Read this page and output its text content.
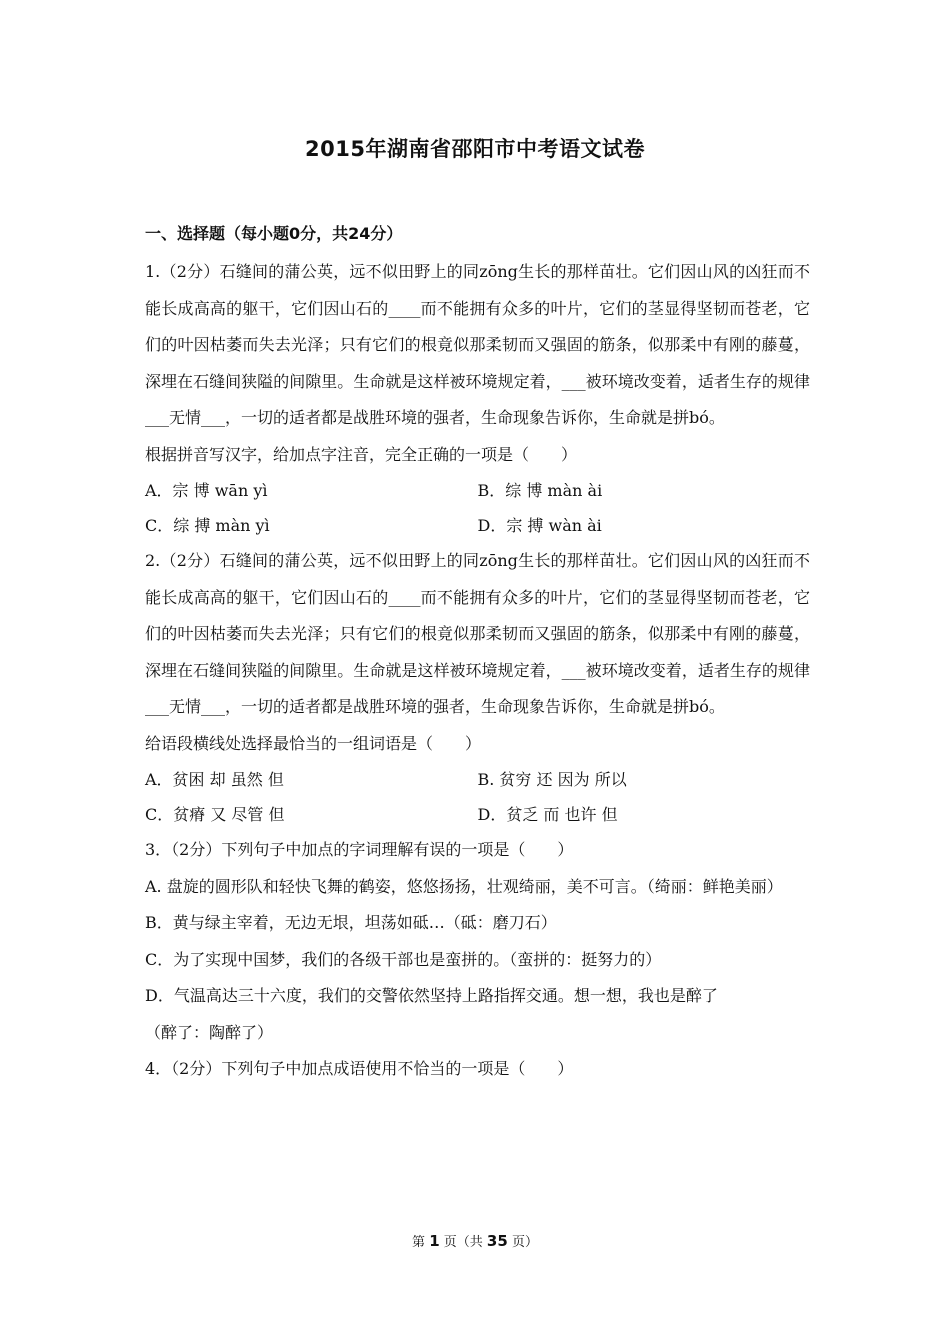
2015年湖南省邵阳市中考语文试卷
一、选择题（每小题0分，共24分）
1.（2分）石缝间的蒲公英，远不似田野上的同zōng生长的那样苗壮。它们因山风的凶狂而不能长成高高的躯干，它们因山石的____而不能拥有众多的叶片，它们的茎显得坚韧而苍老，它们的叶因枯萎而失去光泽；只有它们的根竟似那柔韧而又强固的筋条，似那柔中有刚的藤蔓，深埋在石缝间狭隘的间隙里。生命就是这样被环境规定着，___被环境改变着，适者生存的规律___无情___，一切的适者都是战胜环境的强者，生命现象告诉你，生命就是拼bó。
根据拼音写汉字，给加点字注音，完全正确的一项是（　　）
A．宗 博 wān yì	B．综 博 màn ài
C．综 搏 màn yì	D．宗 搏 wàn ài
2.（2分）石缝间的蒲公英，远不似田野上的同zōng生长的那样苗壮。它们因山风的凶狂而不能长成高高的躯干，它们因山石的____而不能拥有众多的叶片，它们的茎显得坚韧而苍老，它们的叶因枯萎而失去光泽；只有它们的根竟似那柔韧而又强固的筋条，似那柔中有刚的藤蔓，深埋在石缝间狭隘的间隙里。生命就是这样被环境规定着，___被环境改变着，适者生存的规律___无情___，一切的适者都是战胜环境的强者，生命现象告诉你，生命就是拼bó。
给语段横线处选择最恰当的一组词语是（　　）
A．贫困 却 虽然 但	B. 贫穷 还 因为 所以
C．贫瘠 又 尽管 但	D．贫乏 而 也许 但
3．（2分）下列句子中加点的字词理解有误的一项是（　　）
A. 盘旋的圆形队和轻快飞舞的鹤姿，悠悠扬扬，壮观绮丽，美不可言。（绮丽：鲜艳美丽）
B．黄与绿主宰着，无边无垠，坦荡如砥…（砥：磨刀石）
C．为了实现中国梦，我们的各级干部也是蛮拼的。（蛮拼的：挺努力的）
D．气温高达三十六度，我们的交警依然坚持上路指挥交通。想一想，我也是醉了
（醉了：陶醉了）
4．（2分）下列句子中加点成语使用不恰当的一项是（　　）
第 1 页（共 35 页）
